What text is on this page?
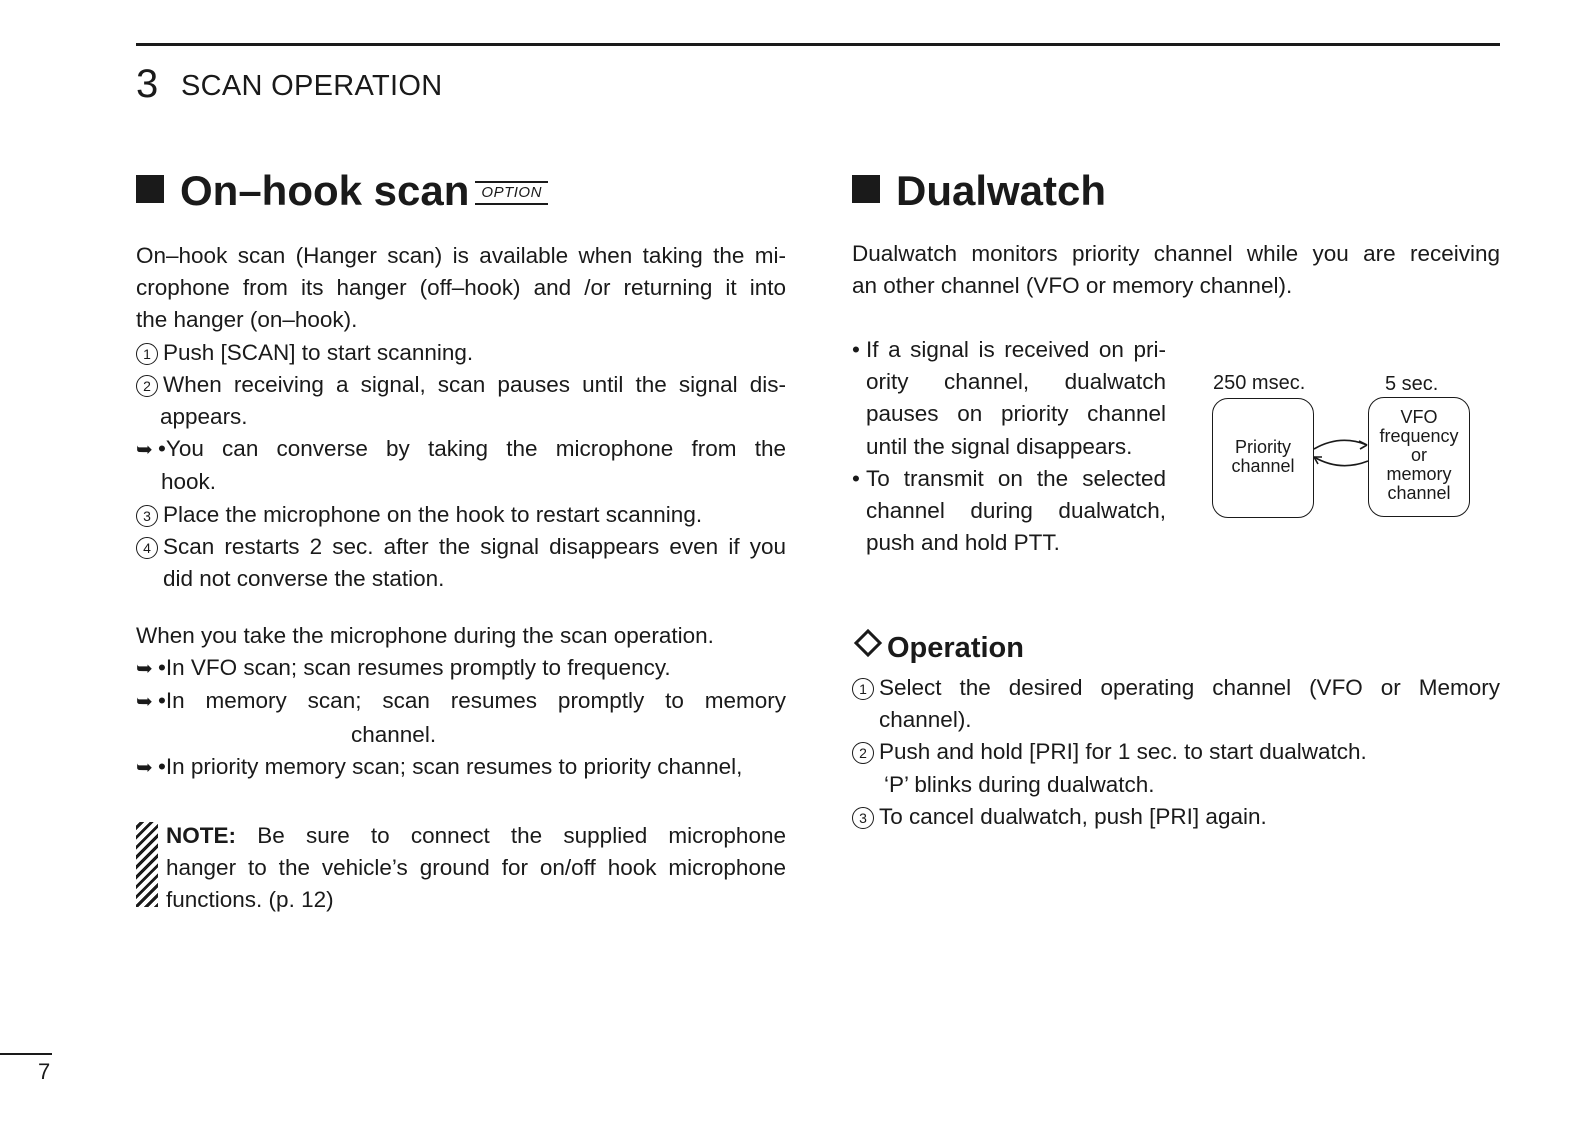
3 SCAN OPERATION
On–hook scan OPTION

On–hook scan (Hanger scan) is available when taking the mi-

crophone from its hanger (off–hook) and /or returning it into

the hanger (on–hook).

1 Push [SCAN] to start scanning.
2 When receiving a signal, scan pauses until the signal dis-

appears.

➥ •You can converse by taking the microphone from the

hook.

3 Place the microphone on the hook to restart scanning.
4 Scan restarts 2 sec. after the signal disappears even if you

did not converse the station.

When you take the microphone during the scan operation.

➥ •In VFO scan; scan resumes promptly to frequency.
➥ •In memory scan; scan resumes promptly to memory

channel.

➥ •In priority memory scan; scan resumes to priority channel,

NOTE: Be sure to connect the supplied microphone

hanger to the vehicle’s ground for on/off hook microphone

functions. (p. 12)

Dualwatch

Dualwatch monitors priority channel while you are receiving

an other channel (VFO or memory channel).

• If a signal is received on pri-

ority channel, dualwatch

pauses on priority channel

until the signal disappears.

• To transmit on the selected

channel during dualwatch,

push and hold PTT.

250 msec.	5 sec.
Priority
channel
VFO
frequency
or
memory
channel
Operation
1 Select the desired operating channel (VFO or Memory

channel).

2 Push and hold [PRI] for 1 sec. to start dualwatch.

‘P’ blinks during dualwatch.

3 To cancel dualwatch, push [PRI] again.
7
